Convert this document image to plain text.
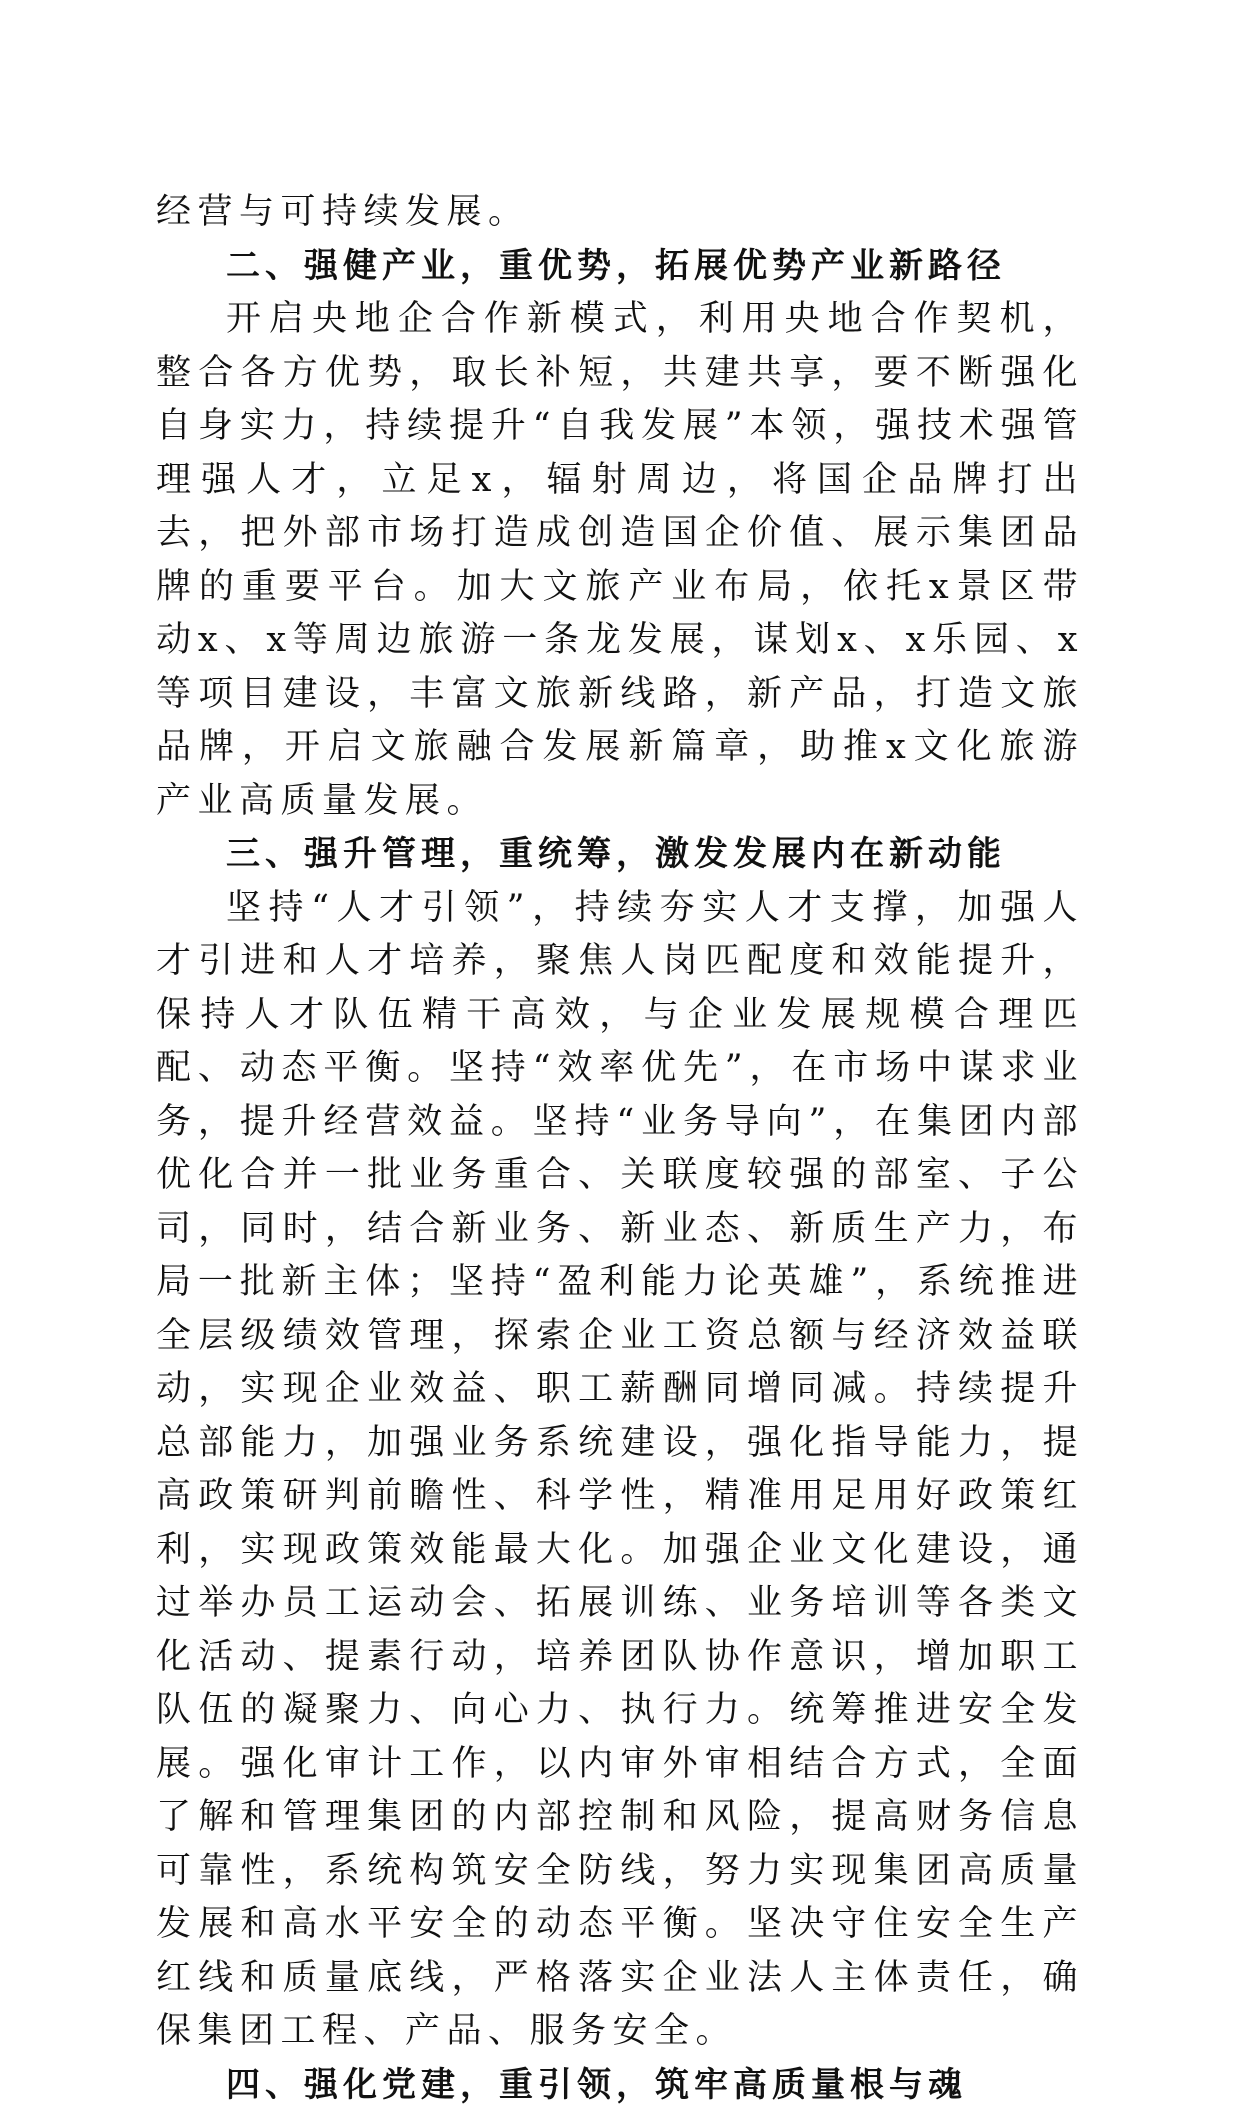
经营与可持续发展。

二、强健产业，重优势，拓展优势产业新路径

开启央地企合作新模式，利用央地合作契机，整合各方优势，取长补短，共建共享，要不断强化自身实力，持续提升“自我发展”本领，强技术强管理强人才，立足x，辐射周边，将国企品牌打出去，把外部市场打造成创造国企价值、展示集团品牌的重要平台。加大文旅产业布局，依托x景区带动x、x等周边旅游一条龙发展，谋划x、x乐园、x等项目建设，丰富文旅新线路，新产品，打造文旅品牌，开启文旅融合发展新篇章，助推x文化旅游产业高质量发展。

三、强升管理，重统筹，激发发展内在新动能

坚持“人才引领”，持续夯实人才支撑，加强人才引进和人才培养，聚焦人岗匹配度和效能提升，保持人才队伍精干高效，与企业发展规模合理匹配、动态平衡。坚持“效率优先”，在市场中谋求业务，提升经营效益。坚持“业务导向”，在集团内部优化合并一批业务重合、关联度较强的部室、子公司，同时，结合新业务、新业态、新质生产力，布局一批新主体；坚持“盈利能力论英雄”，系统推进全层级绩效管理，探索企业工资总额与经济效益联动，实现企业效益、职工薪酬同增同减。持续提升总部能力，加强业务系统建设，强化指导能力，提高政策研判前瞻性、科学性，精准用足用好政策红利，实现政策效能最大化。加强企业文化建设，通过举办员工运动会、拓展训练、业务培训等各类文化活动、提素行动，培养团队协作意识，增加职工队伍的凝聚力、向心力、执行力。统筹推进安全发展。强化审计工作，以内审外审相结合方式，全面了解和管理集团的内部控制和风险，提高财务信息可靠性，系统构筑安全防线，努力实现集团高质量发展和高水平安全的动态平衡。坚决守住安全生产红线和质量底线，严格落实企业法人主体责任，确保集团工程、产品、服务安全。

四、强化党建，重引领，筑牢高质量根与魂
